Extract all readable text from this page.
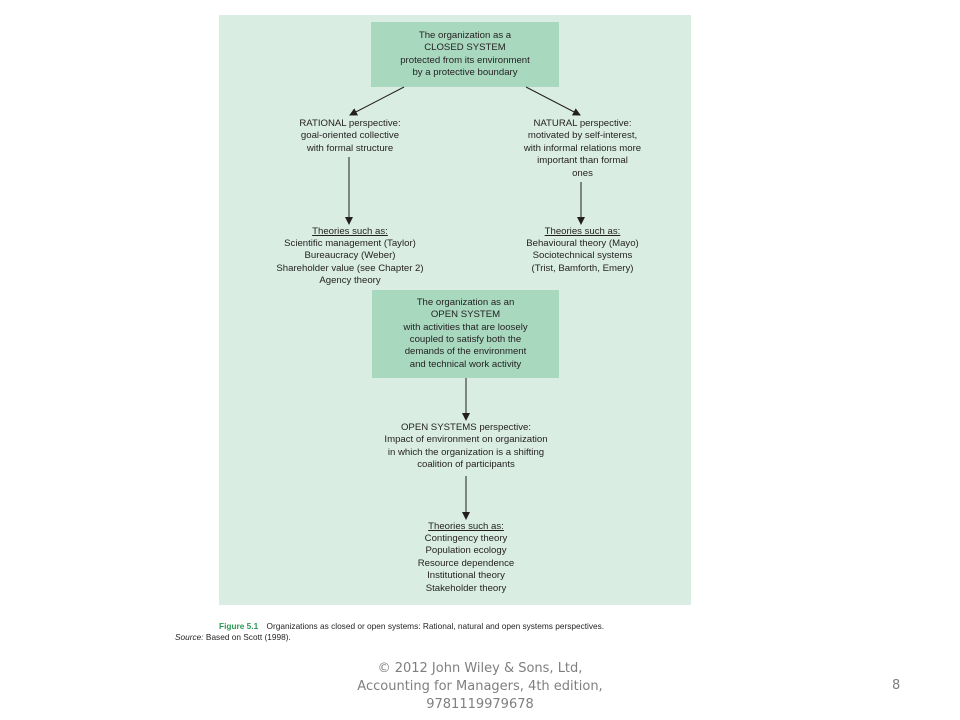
The organization as a
CLOSED SYSTEM
protected from its environment
by a protective boundary

RATIONAL perspective:
goal-oriented collective
with formal structure

NATURAL perspective:
motivated by self-interest,
with informal relations more
important than formal
ones

Theories such as:

Scientific management (Taylor)
Bureaucracy (Weber)
Shareholder value (see Chapter 2)
Agency theory

Theories such as:

Behavioural theory (Mayo)
Sociotechnical systems
(Trist, Bamforth, Emery)

The organization as an
OPEN SYSTEM
with activities that are loosely
coupled to satisfy both the
demands of the environment
and technical work activity

OPEN SYSTEMS perspective:
Impact of environment on organization
in which the organization is a shifting
coalition of participants

Theories such as:

Contingency theory
Population ecology
Resource dependence
Institutional theory
Stakeholder theory

Figure 5.1 Organizations as closed or open systems: Rational, natural and open systems perspectives.
Source: Based on Scott (1998).
© 2012 John Wiley & Sons, Ltd,
Accounting for Managers, 4th edition,
9781119979678
8
